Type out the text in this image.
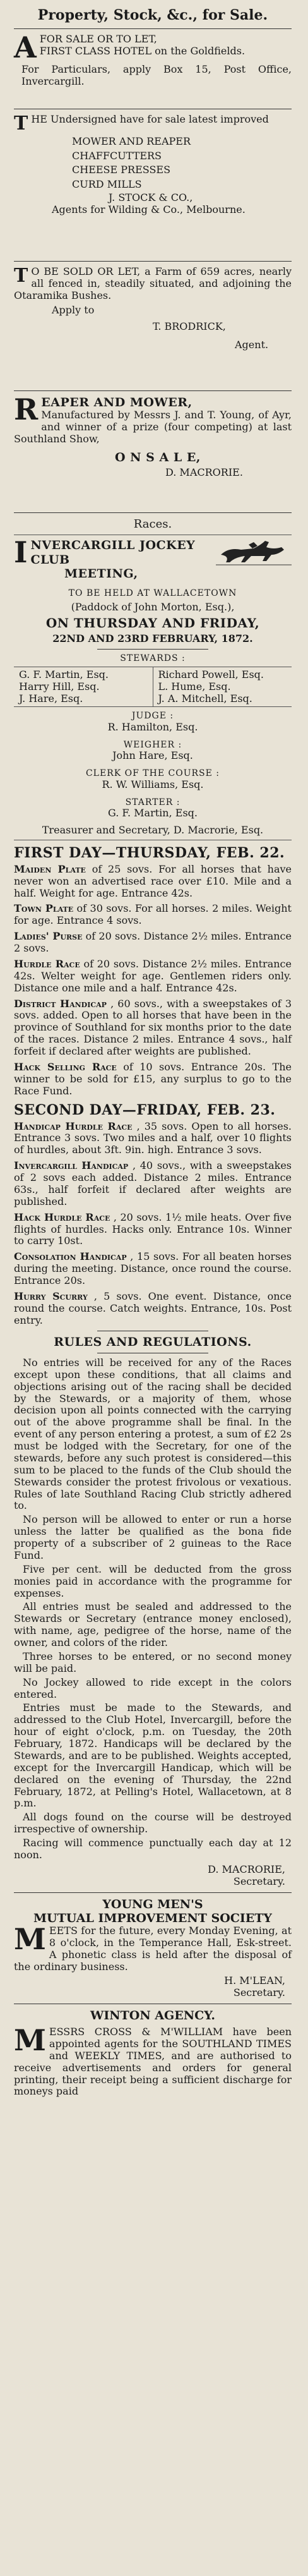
Property, Stock, &c., for Sale.
A FOR SALE OR TO LET,
FIRST CLASS HOTEL on the Goldfields.

For Particulars, apply Box 15, Post Office, Invercargill.

T HE Undersigned have for sale latest improved

MOWER AND REAPER
CHAFFCUTTERS
CHEESE PRESSES
CURD MILLS
J. STOCK & CO.,
Agents for Wilding & Co., Melbourne.
T O BE SOLD OR LET, a Farm of 659 acres, nearly all fenced in, steadily situated, and adjoining the Otaramika Bushes.

Apply to
T. BRODRICK,
Agent.
R EAPER AND MOWER,

Manufactured by Messrs J. and T. Young, of Ayr, and winner of a prize (four competing) at last Southland Show,

O N S A L E,
D. MACRORIE.
Races.
I NVERCARGILL JOCKEY CLUB
MEETING,
TO BE HELD AT WALLACETOWN
(Paddock of John Morton, Esq.),
ON THURSDAY AND FRIDAY,
22ND AND 23RD FEBRUARY, 1872.
STEWARDS :
G. F. Martin, Esq.
Harry Hill, Esq.
J. Hare, Esq.
Richard Powell, Esq.
L. Hume, Esq.
J. A. Mitchell, Esq.
JUDGE :
R. Hamilton, Esq.
WEIGHER :
John Hare, Esq.
CLERK OF THE COURSE :
R. W. Williams, Esq.
STARTER :
G. F. Martin, Esq.
Treasurer and Secretary, D. Macrorie, Esq.
FIRST DAY—THURSDAY, FEB. 22.

Maiden Plate of 25 sovs. For all horses that have never won an advertised race over £10. Mile and a half. Weight for age. Entrance 42s.

Town Plate of 30 sovs. For all horses. 2 miles. Weight for age. Entrance 4 sovs.

Ladies' Purse of 20 sovs. Distance 2½ miles. Entrance 2 sovs.

Hurdle Race of 20 sovs. Distance 2½ miles. Entrance 42s. Welter weight for age. Gentlemen riders only. Distance one mile and a half. Entrance 42s.

District Handicap , 60 sovs., with a sweepstakes of 3 sovs. added. Open to all horses that have been in the province of Southland for six months prior to the date of the races. Distance 2 miles. Entrance 4 sovs., half forfeit if declared after weights are published.

Hack Selling Race of 10 sovs. Entrance 20s. The winner to be sold for £15, any surplus to go to the Race Fund.

SECOND DAY—FRIDAY, FEB. 23.

Handicap Hurdle Race , 35 sovs. Open to all horses. Entrance 3 sovs. Two miles and a half, over 10 flights of hurdles, about 3ft. 9in. high. Entrance 3 sovs.

Invercargill Handicap , 40 sovs., with a sweepstakes of 2 sovs each added. Distance 2 miles. Entrance 63s., half forfeit if declared after weights are published.

Hack Hurdle Race , 20 sovs. 1½ mile heats. Over five flights of hurdles. Hacks only. Entrance 10s. Winner to carry 10st.

Consolation Handicap , 15 sovs. For all beaten horses during the meeting. Distance, once round the course. Entrance 20s.

Hurry Scurry , 5 sovs. One event. Distance, once round the course. Catch weights. Entrance, 10s. Post entry.

RULES AND REGULATIONS.

No entries will be received for any of the Races except upon these conditions, that all claims and objections arising out of the racing shall be decided by the Stewards, or a majority of them, whose decision upon all points connected with the carrying out of the above programme shall be final. In the event of any person entering a protest, a sum of £2 2s must be lodged with the Secretary, for one of the stewards, before any such protest is considered—this sum to be placed to the funds of the Club should the Stewards consider the protest frivolous or vexatious. Rules of late Southland Racing Club strictly adhered to.

No person will be allowed to enter or run a horse unless the latter be qualified as the bona fide property of a subscriber of 2 guineas to the Race Fund.

Five per cent. will be deducted from the gross monies paid in accordance with the programme for expenses.

All entries must be sealed and addressed to the Stewards or Secretary (entrance money enclosed), with name, age, pedigree of the horse, name of the owner, and colors of the rider.

Three horses to be entered, or no second money will be paid.

No Jockey allowed to ride except in the colors entered.

Entries must be made to the Stewards, and addressed to the Club Hotel, Invercargill, before the hour of eight o'clock, p.m. on Tuesday, the 20th February, 1872. Handicaps will be declared by the Stewards, and are to be published. Weights accepted, except for the Invercargill Handicap, which will be declared on the evening of Thursday, the 22nd February, 1872, at Pelling's Hotel, Wallacetown, at 8 p.m.

All dogs found on the course will be destroyed irrespective of ownership.

Racing will commence punctually each day at 12 noon.

D. MACRORIE,
Secretary.
YOUNG MEN'S
MUTUAL IMPROVEMENT SOCIETY
M EETS for the future, every Monday Evening, at 8 o'clock, in the Temperance Hall, Esk-street. A phonetic class is held after the disposal of the ordinary business.

H. M'LEAN,
Secretary.
WINTON AGENCY.
M ESSRS CROSS & M'WILLIAM have been appointed agents for the SOUTHLAND TIMES and WEEKLY TIMES, and are authorised to receive advertisements and orders for general printing, their receipt being a sufficient discharge for moneys paid
